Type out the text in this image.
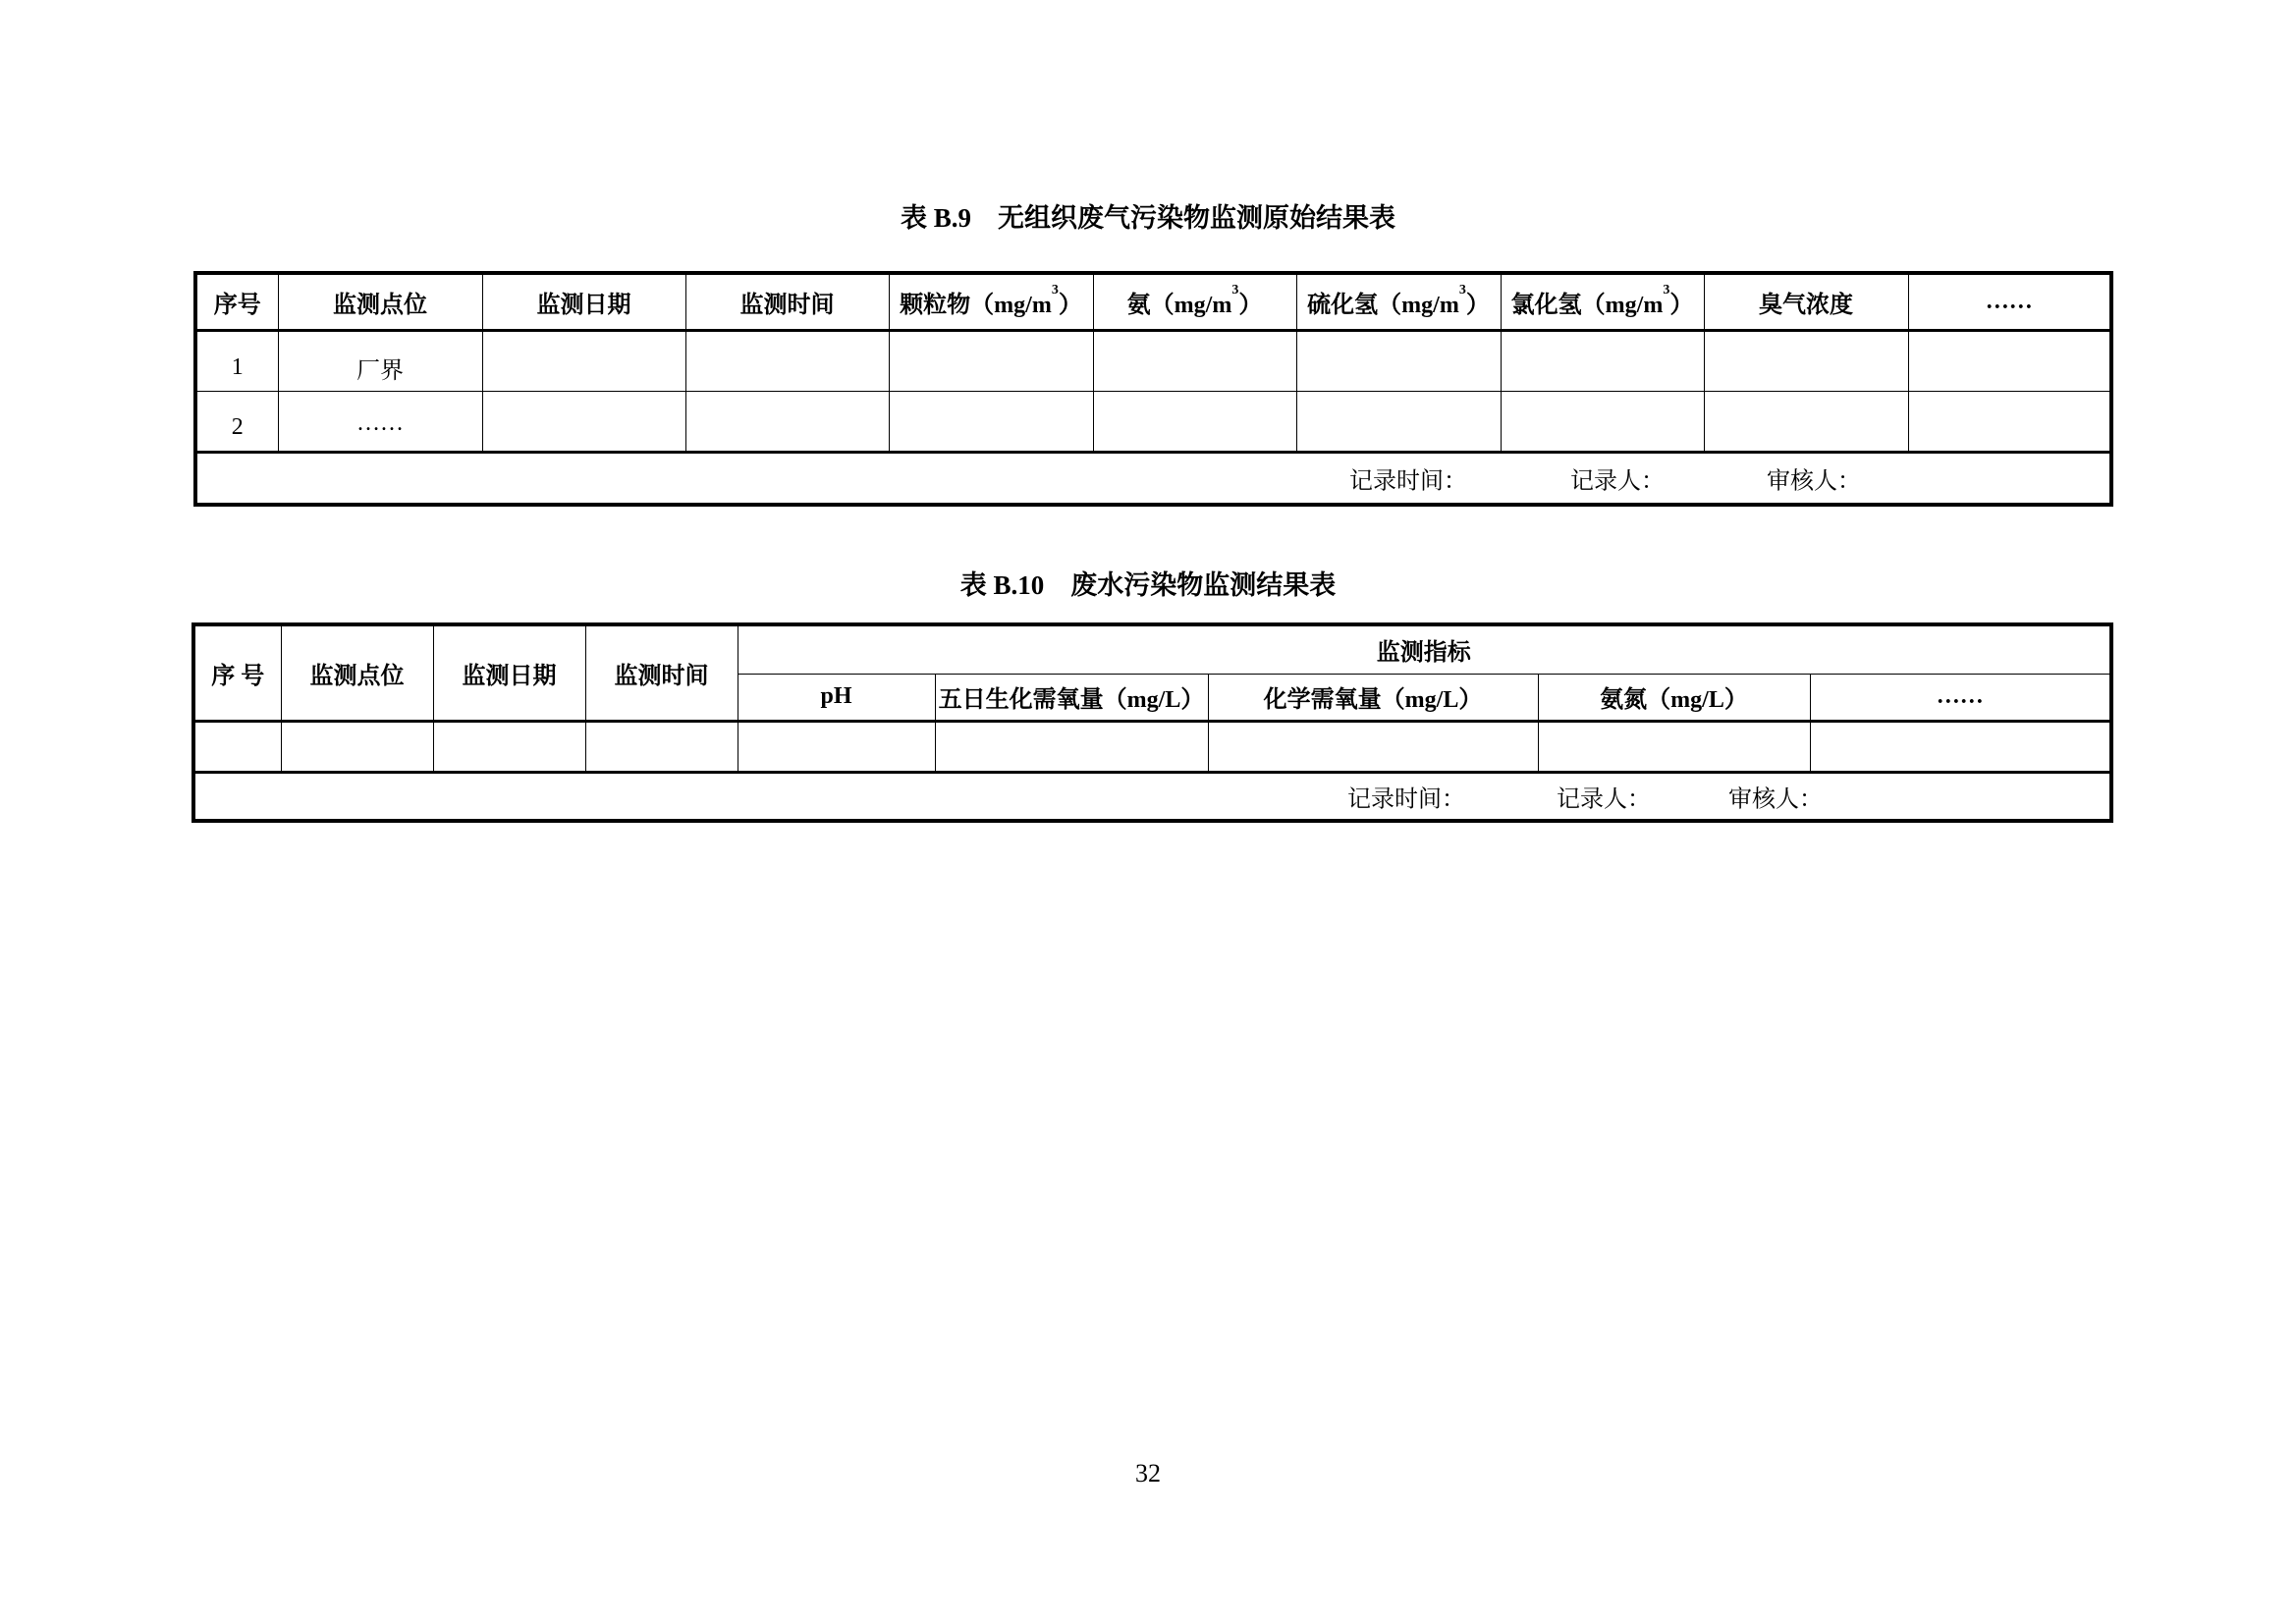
表 B.9    无组织废气污染物监测原始结果表
序号	监测点位	监测日期	监测时间	颗粒物$(mg/m^3)$	氨$(mg/m^3)$	硫化氢$(mg/m^3)$	氯化氢$(mg/m^3)$	臭气浓度	……
1	厂界								
2	……								

记录时间： 记录人： 审核人：									
表 B.10    废水污染物监测结果表
序 号	监测点位	监测日期	监测时间	监测指标				
				pH	五日生化需氧量（mg/L）	化学需氧量（mg/L）	氨氮（mg/L）	……

记录时间： 记录人： 审核人：								
32
